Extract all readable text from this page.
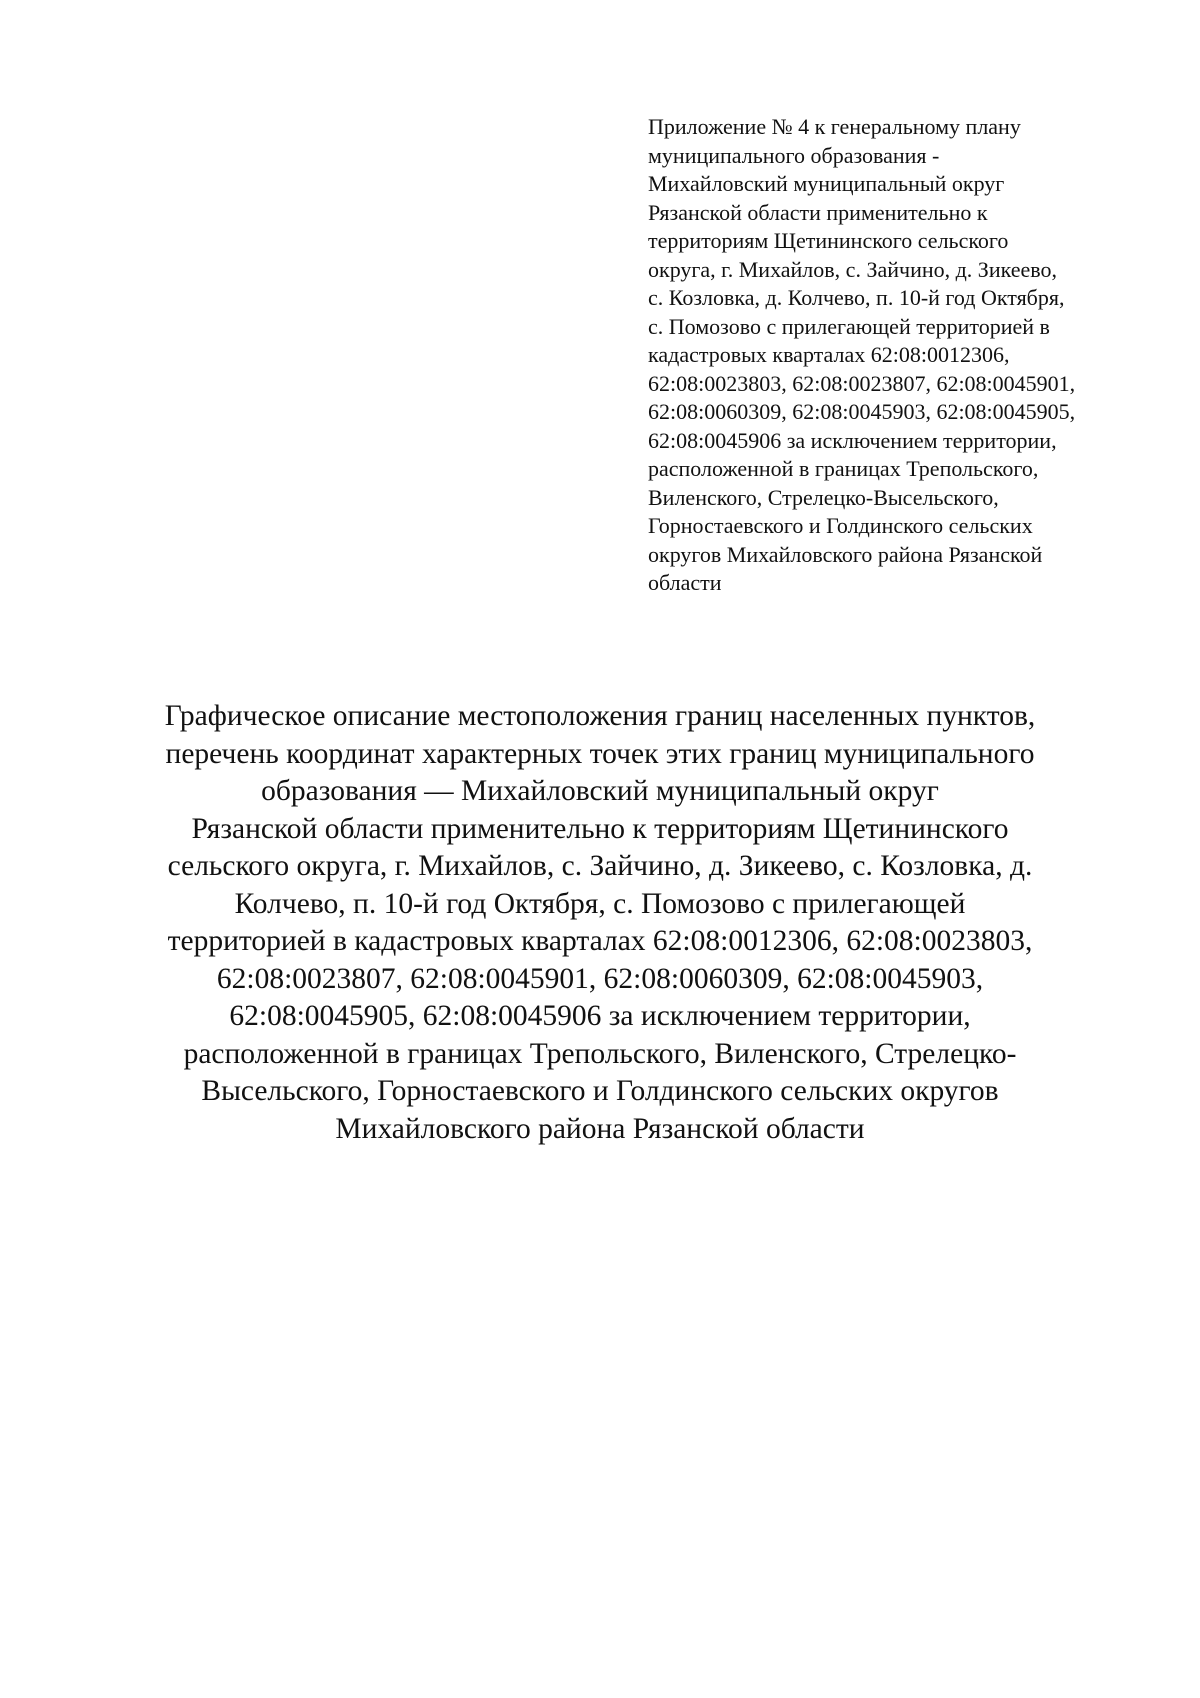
Приложение № 4 к генеральному плану
муниципального образования -
Михайловский муниципальный округ
Рязанской области применительно к
территориям Щетининского сельского
округа, г. Михайлов, с. Зайчино, д. Зикеево,
с. Козловка, д. Колчево, п. 10-й год Октября,
с. Помозово с прилегающей территорией в
кадастровых кварталах 62:08:0012306,
62:08:0023803, 62:08:0023807, 62:08:0045901,
62:08:0060309, 62:08:0045903, 62:08:0045905,
62:08:0045906 за исключением территории,
расположенной в границах Трепольского,
Виленского, Стрелецко-Высельского,
Горностаевского и Голдинского сельских
округов Михайловского района Рязанской
области
Графическое описание местоположения границ населенных пунктов,
перечень координат характерных точек этих границ муниципального
образования — Михайловский муниципальный округ
Рязанской области применительно к территориям Щетининского
сельского округа, г. Михайлов, с. Зайчино, д. Зикеево, с. Козловка, д.
Колчево, п. 10-й год Октября, с. Помозово с прилегающей
территорией в кадастровых кварталах 62:08:0012306, 62:08:0023803,
62:08:0023807, 62:08:0045901, 62:08:0060309, 62:08:0045903,
62:08:0045905, 62:08:0045906 за исключением территории,
расположенной в границах Трепольского, Виленского, Стрелецко-
Высельского, Горностаевского и Голдинского сельских округов
Михайловского района Рязанской области
